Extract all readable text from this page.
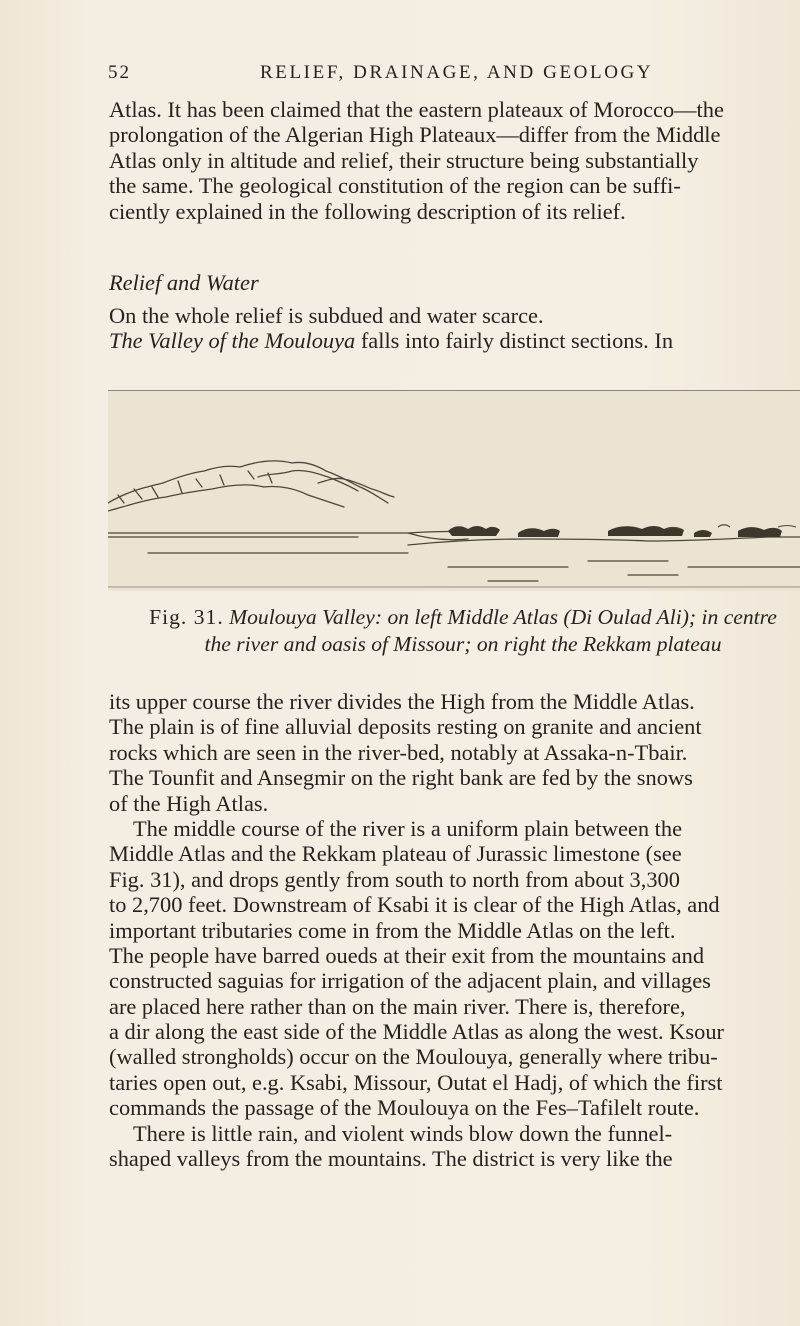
52	RELIEF, DRAINAGE, AND GEOLOGY
Atlas. It has been claimed that the eastern plateaux of Morocco—the
prolongation of the Algerian High Plateaux—differ from the Middle
Atlas only in altitude and relief, their structure being substantially
the same. The geological constitution of the region can be suffi-
ciently explained in the following description of its relief.
Relief and Water
On the whole relief is subdued and water scarce.
The Valley of the Moulouya falls into fairly distinct sections. In
Fig. 31. Moulouya Valley: on left Middle Atlas (Di Oulad Ali); in centre
the river and oasis of Missour; on right the Rekkam plateau
its upper course the river divides the High from the Middle Atlas.
The plain is of fine alluvial deposits resting on granite and ancient
rocks which are seen in the river-bed, notably at Assaka-n-Tbair.
The Tounfit and Ansegmir on the right bank are fed by the snows
of the High Atlas.
The middle course of the river is a uniform plain between the
Middle Atlas and the Rekkam plateau of Jurassic limestone (see
Fig. 31), and drops gently from south to north from about 3,300
to 2,700 feet. Downstream of Ksabi it is clear of the High Atlas, and
important tributaries come in from the Middle Atlas on the left.
The people have barred oueds at their exit from the mountains and
constructed saguias for irrigation of the adjacent plain, and villages
are placed here rather than on the main river. There is, therefore,
a dir along the east side of the Middle Atlas as along the west. Ksour
(walled strongholds) occur on the Moulouya, generally where tribu-
taries open out, e.g. Ksabi, Missour, Outat el Hadj, of which the first
commands the passage of the Moulouya on the Fes–Tafilelt route.
There is little rain, and violent winds blow down the funnel-
shaped valleys from the mountains. The district is very like the
